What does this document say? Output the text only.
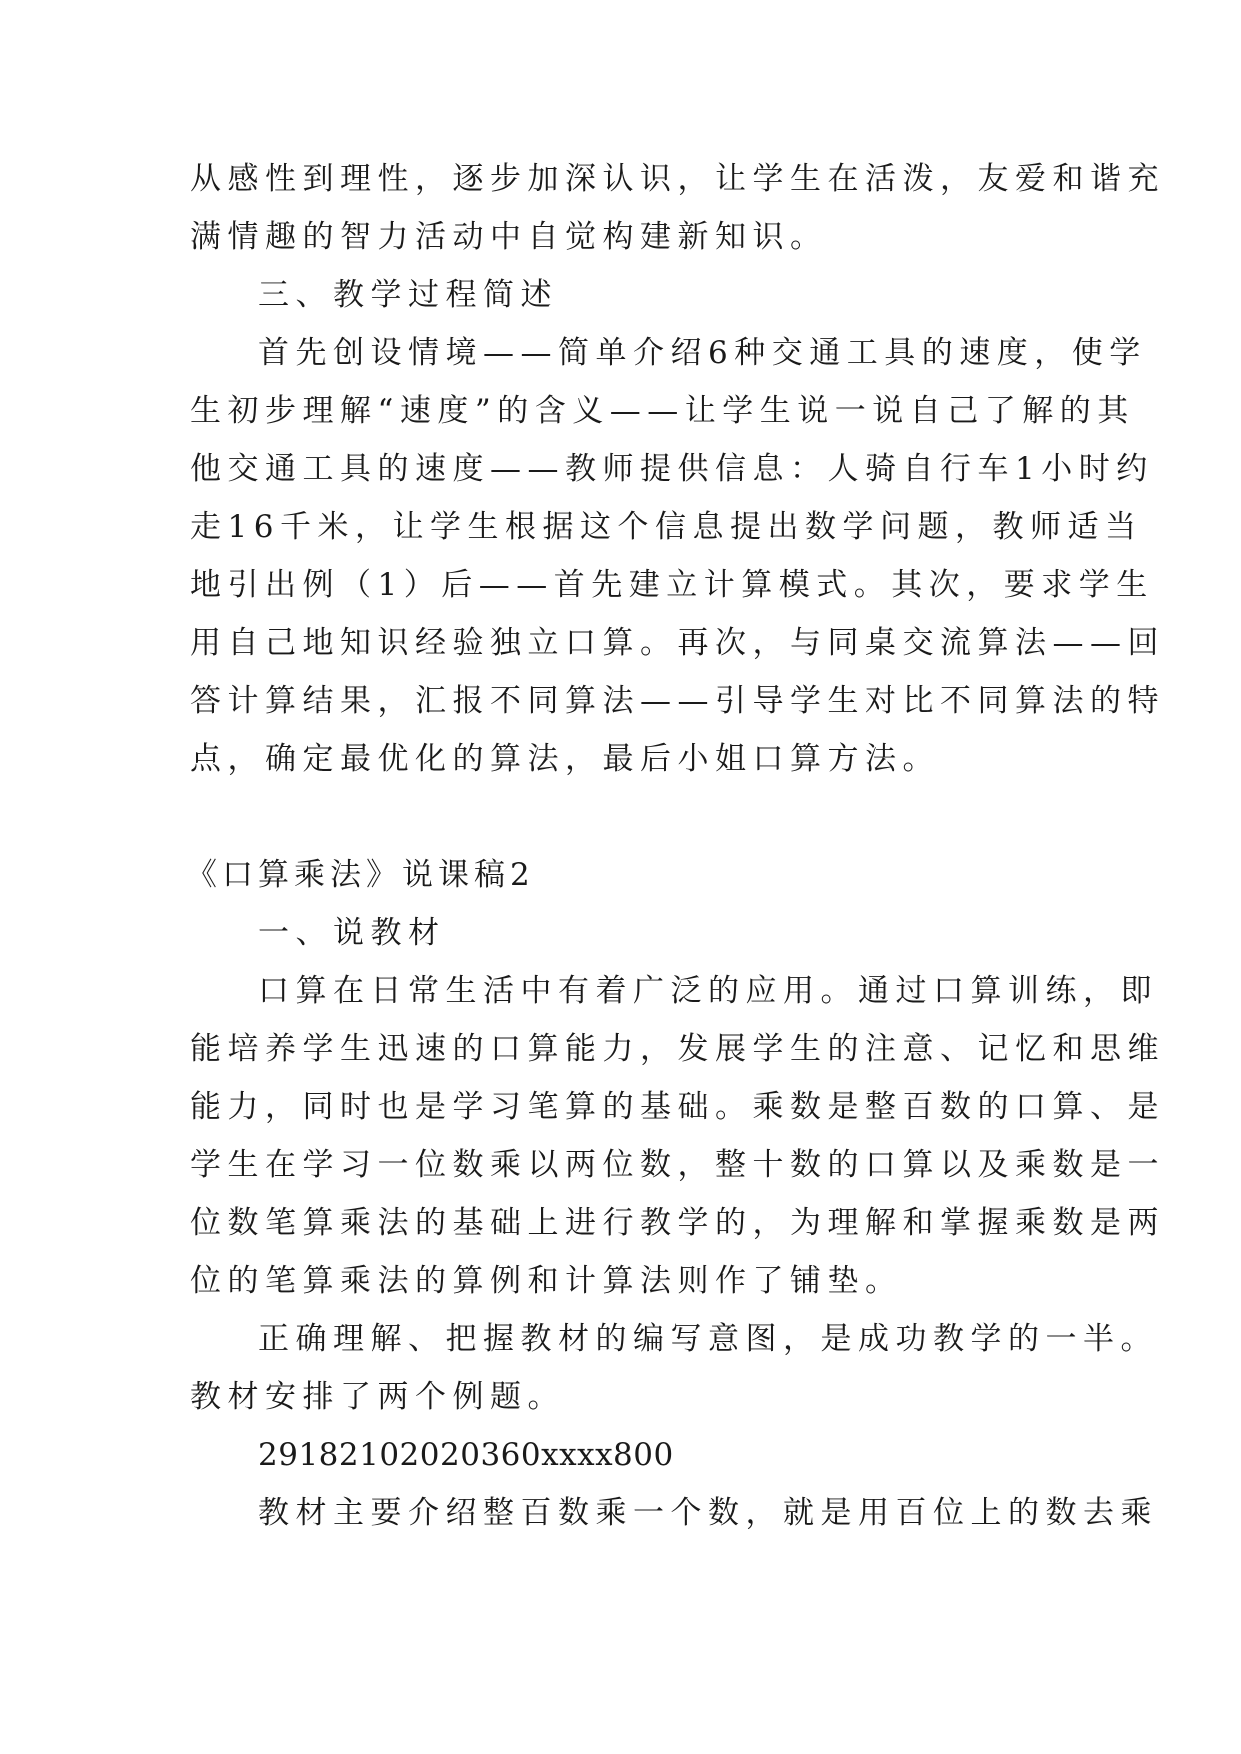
从感性到理性，逐步加深认识，让学生在活泼，友爱和谐充
满情趣的智力活动中自觉构建新知识。
三、教学过程简述
首先创设情境——简单介绍6种交通工具的速度，使学
生初步理解“速度”的含义——让学生说一说自己了解的其
他交通工具的速度——教师提供信息：人骑自行车1小时约
走16千米，让学生根据这个信息提出数学问题，教师适当
地引出例（1）后——首先建立计算模式。其次，要求学生
用自己地知识经验独立口算。再次，与同桌交流算法——回
答计算结果，汇报不同算法——引导学生对比不同算法的特
点，确定最优化的算法，最后小姐口算方法。
《口算乘法》说课稿2
一、说教材
口算在日常生活中有着广泛的应用。通过口算训练，即
能培养学生迅速的口算能力，发展学生的注意、记忆和思维
能力，同时也是学习笔算的基础。乘数是整百数的口算、是
学生在学习一位数乘以两位数，整十数的口算以及乘数是一
位数笔算乘法的基础上进行教学的，为理解和掌握乘数是两
位的笔算乘法的算例和计算法则作了铺垫。
正确理解、把握教材的编写意图，是成功教学的一半。
教材安排了两个例题。
29182102020360xxxx800
教材主要介绍整百数乘一个数，就是用百位上的数去乘
